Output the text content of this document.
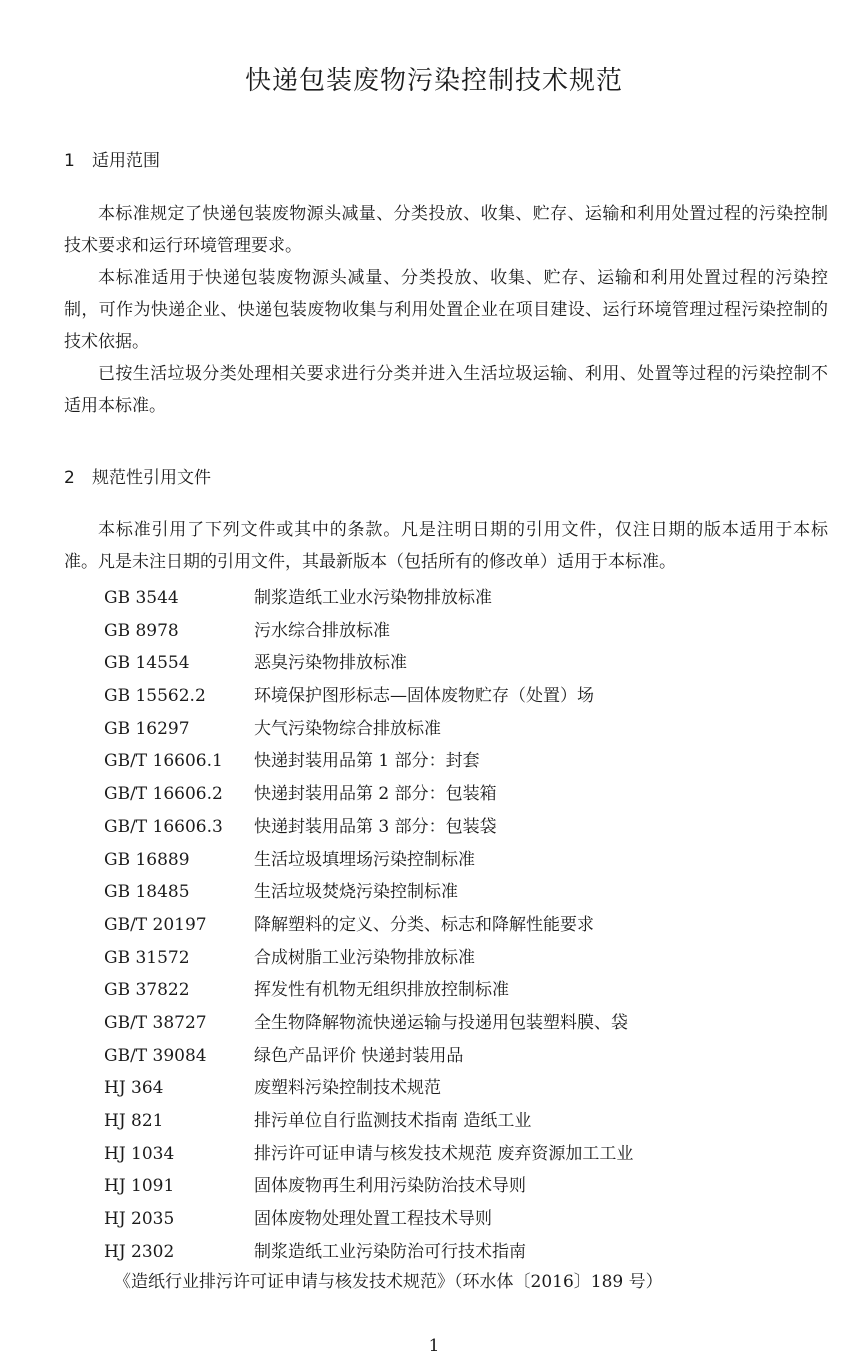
快递包装废物污染控制技术规范
1 适用范围

本标准规定了快递包装废物源头减量、分类投放、收集、贮存、运输和利用处置过程的污染控制技术要求和运行环境管理要求。

本标准适用于快递包装废物源头减量、分类投放、收集、贮存、运输和利用处置过程的污染控制，可作为快递企业、快递包装废物收集与利用处置企业在项目建设、运行环境管理过程污染控制的技术依据。

已按生活垃圾分类处理相关要求进行分类并进入生活垃圾运输、利用、处置等过程的污染控制不适用本标准。

2 规范性引用文件

本标准引用了下列文件或其中的条款。凡是注明日期的引用文件，仅注日期的版本适用于本标准。凡是未注日期的引用文件，其最新版本（包括所有的修改单）适用于本标准。

GB 3544	制浆造纸工业水污染物排放标准
GB 8978	污水综合排放标准
GB 14554	恶臭污染物排放标准
GB 15562.2	环境保护图形标志—固体废物贮存（处置）场
GB 16297	大气污染物综合排放标准
GB/T 16606.1	快递封装用品第 1 部分：封套
GB/T 16606.2	快递封装用品第 2 部分：包装箱
GB/T 16606.3	快递封装用品第 3 部分：包装袋
GB 16889	生活垃圾填埋场污染控制标准
GB 18485	生活垃圾焚烧污染控制标准
GB/T 20197	降解塑料的定义、分类、标志和降解性能要求
GB 31572	合成树脂工业污染物排放标准
GB 37822	挥发性有机物无组织排放控制标准
GB/T 38727	全生物降解物流快递运输与投递用包装塑料膜、袋
GB/T 39084	绿色产品评价 快递封装用品
HJ 364	废塑料污染控制技术规范
HJ 821	排污单位自行监测技术指南 造纸工业
HJ 1034	排污许可证申请与核发技术规范 废弃资源加工工业
HJ 1091	固体废物再生利用污染防治技术导则
HJ 2035	固体废物处理处置工程技术导则
HJ 2302	制浆造纸工业污染防治可行技术指南
《造纸行业排污许可证申请与核发技术规范》（环水体〔2016〕189 号）
1
